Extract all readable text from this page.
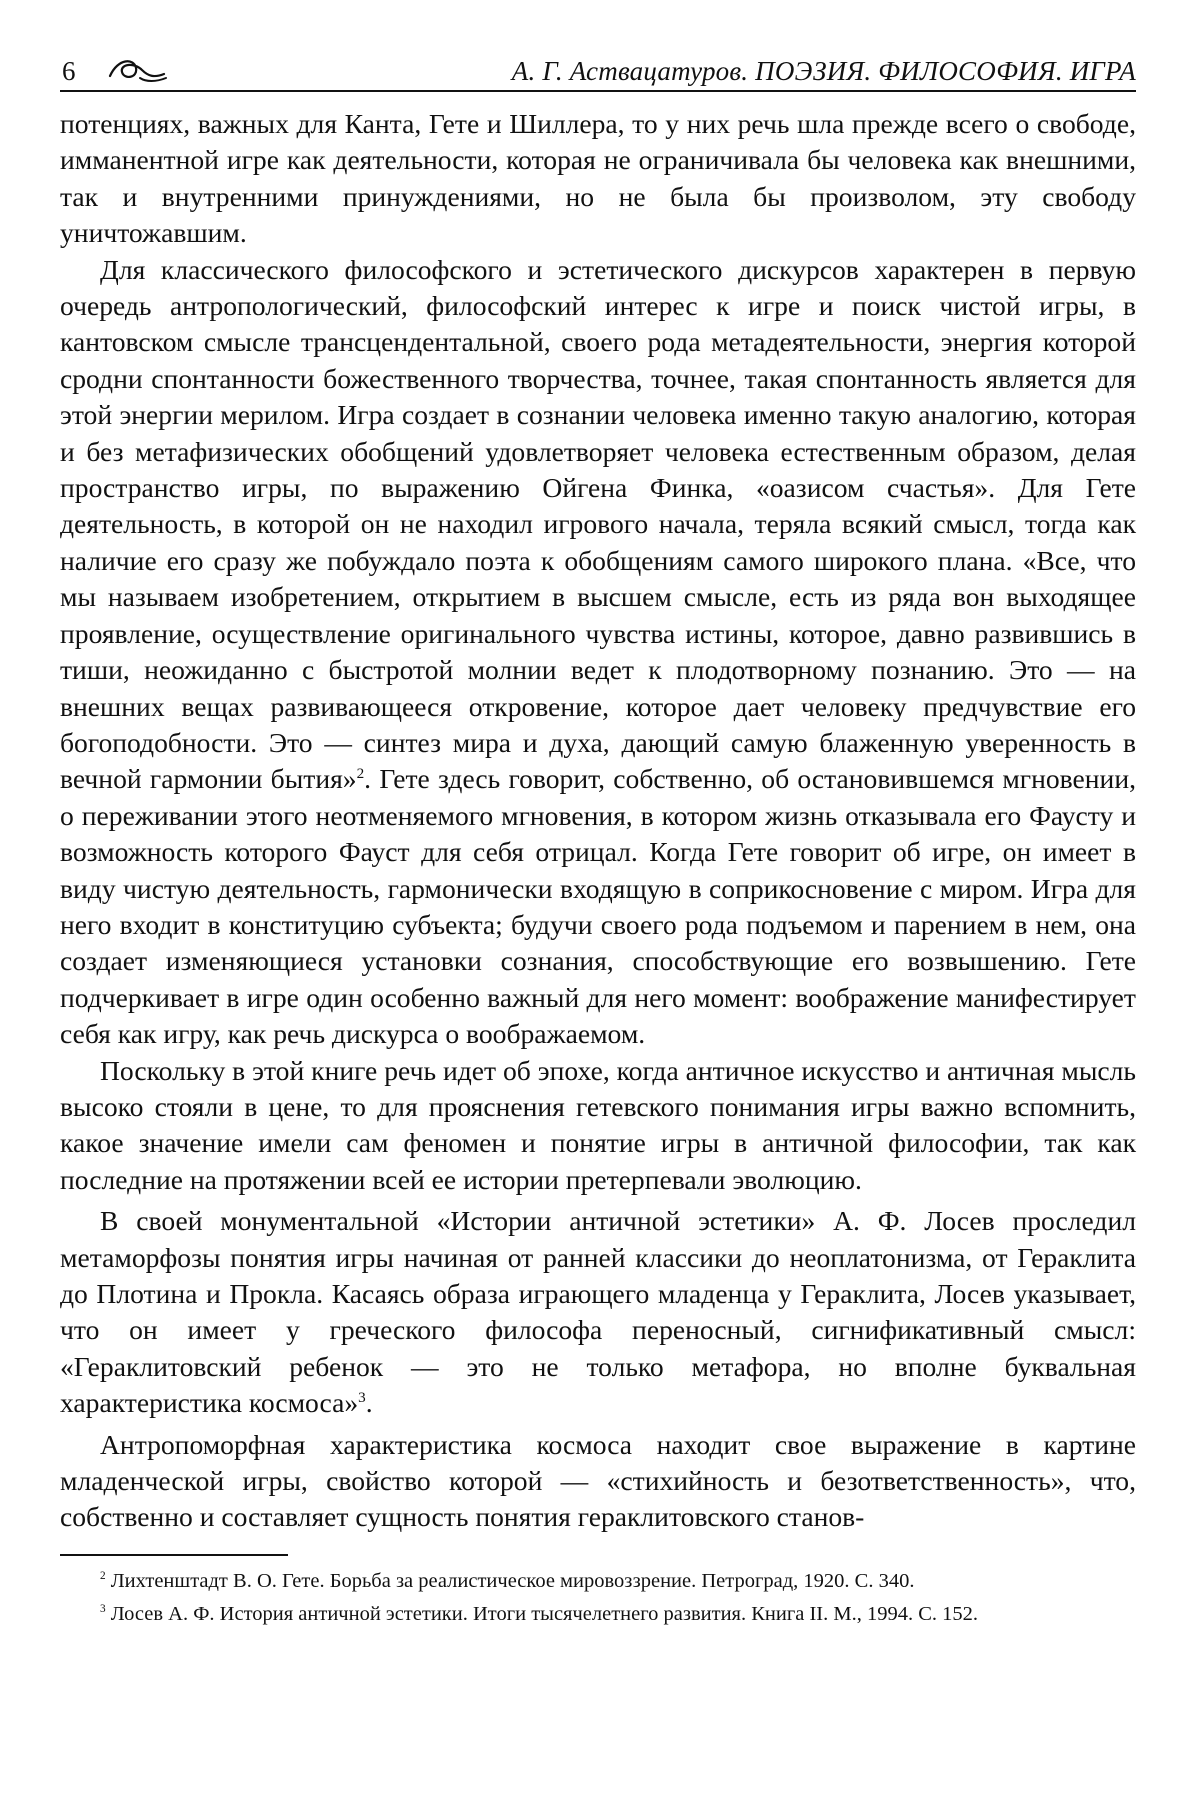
6	А. Г. Аствацатуров. ПОЭЗИЯ. ФИЛОСОФИЯ. ИГРА

потенциях, важных для Канта, Гете и Шиллера, то у них речь шла прежде всего о свободе, имманентной игре как деятельности, которая не ограничивала бы человека как внешними, так и внутренними принуждениями, но не была бы произволом, эту свободу уничтожавшим.

Для классического философского и эстетического дискурсов характерен в первую очередь антропологический, философский интерес к игре и поиск чистой игры, в кантовском смысле трансцендентальной, своего рода метадеятельности, энергия которой сродни спонтанности божественного творчества, точнее, такая спонтанность является для этой энергии мерилом. Игра создает в сознании человека именно такую аналогию, которая и без метафизических обобщений удовлетворяет человека естественным образом, делая пространство игры, по выражению Ойгена Финка, «оазисом счастья». Для Гете деятельность, в которой он не находил игрового начала, теряла всякий смысл, тогда как наличие его сразу же побуждало поэта к обобщениям самого широкого плана. «Все, что мы называем изобретением, открытием в высшем смысле, есть из ряда вон выходящее проявление, осуществление оригинального чувства истины, которое, давно развившись в тиши, неожиданно с быстротой молнии ведет к плодотворному познанию. Это — на внешних вещах развивающееся откровение, которое дает человеку предчувствие его богоподобности. Это — синтез мира и духа, дающий самую блаженную уверенность в вечной гармонии бытия»$^2$. Гете здесь говорит, собственно, об остановившемся мгновении, о переживании этого неотменяемого мгновения, в котором жизнь отказывала его Фаусту и возможность которого Фауст для себя отрицал. Когда Гете говорит об игре, он имеет в виду чистую деятельность, гармонически входящую в соприкосновение с миром. Игра для него входит в конституцию субъекта; будучи своего рода подъемом и парением в нем, она создает изменяющиеся установки сознания, способствующие его возвышению. Гете подчеркивает в игре один особенно важный для него момент: воображение манифестирует себя как игру, как речь дискурса о воображаемом.

Поскольку в этой книге речь идет об эпохе, когда античное искусство и античная мысль высоко стояли в цене, то для прояснения гетевского понимания игры важно вспомнить, какое значение имели сам феномен и понятие игры в античной философии, так как последние на протяжении всей ее истории претерпевали эволюцию.

В своей монументальной «Истории античной эстетики» А. Ф. Лосев проследил метаморфозы понятия игры начиная от ранней классики до неоплатонизма, от Гераклита до Плотина и Прокла. Касаясь образа играющего младенца у Гераклита, Лосев указывает, что он имеет у греческого философа переносный, сигнификативный смысл: «Гераклитовский ребенок — это не только метафора, но вполне буквальная характеристика космоса»$^3$.

Антропоморфная характеристика космоса находит свое выражение в картине младенческой игры, свойство которой — «стихийность и безответственность», что, собственно и составляет сущность понятия гераклитовского станов-

$^2$ Лихтенштадт В. О. Гете. Борьба за реалистическое мировоззрение. Петроград, 1920. С. 340.

$^3$ Лосев А. Ф. История античной эстетики. Итоги тысячелетнего развития. Книга II. М., 1994. С. 152.
